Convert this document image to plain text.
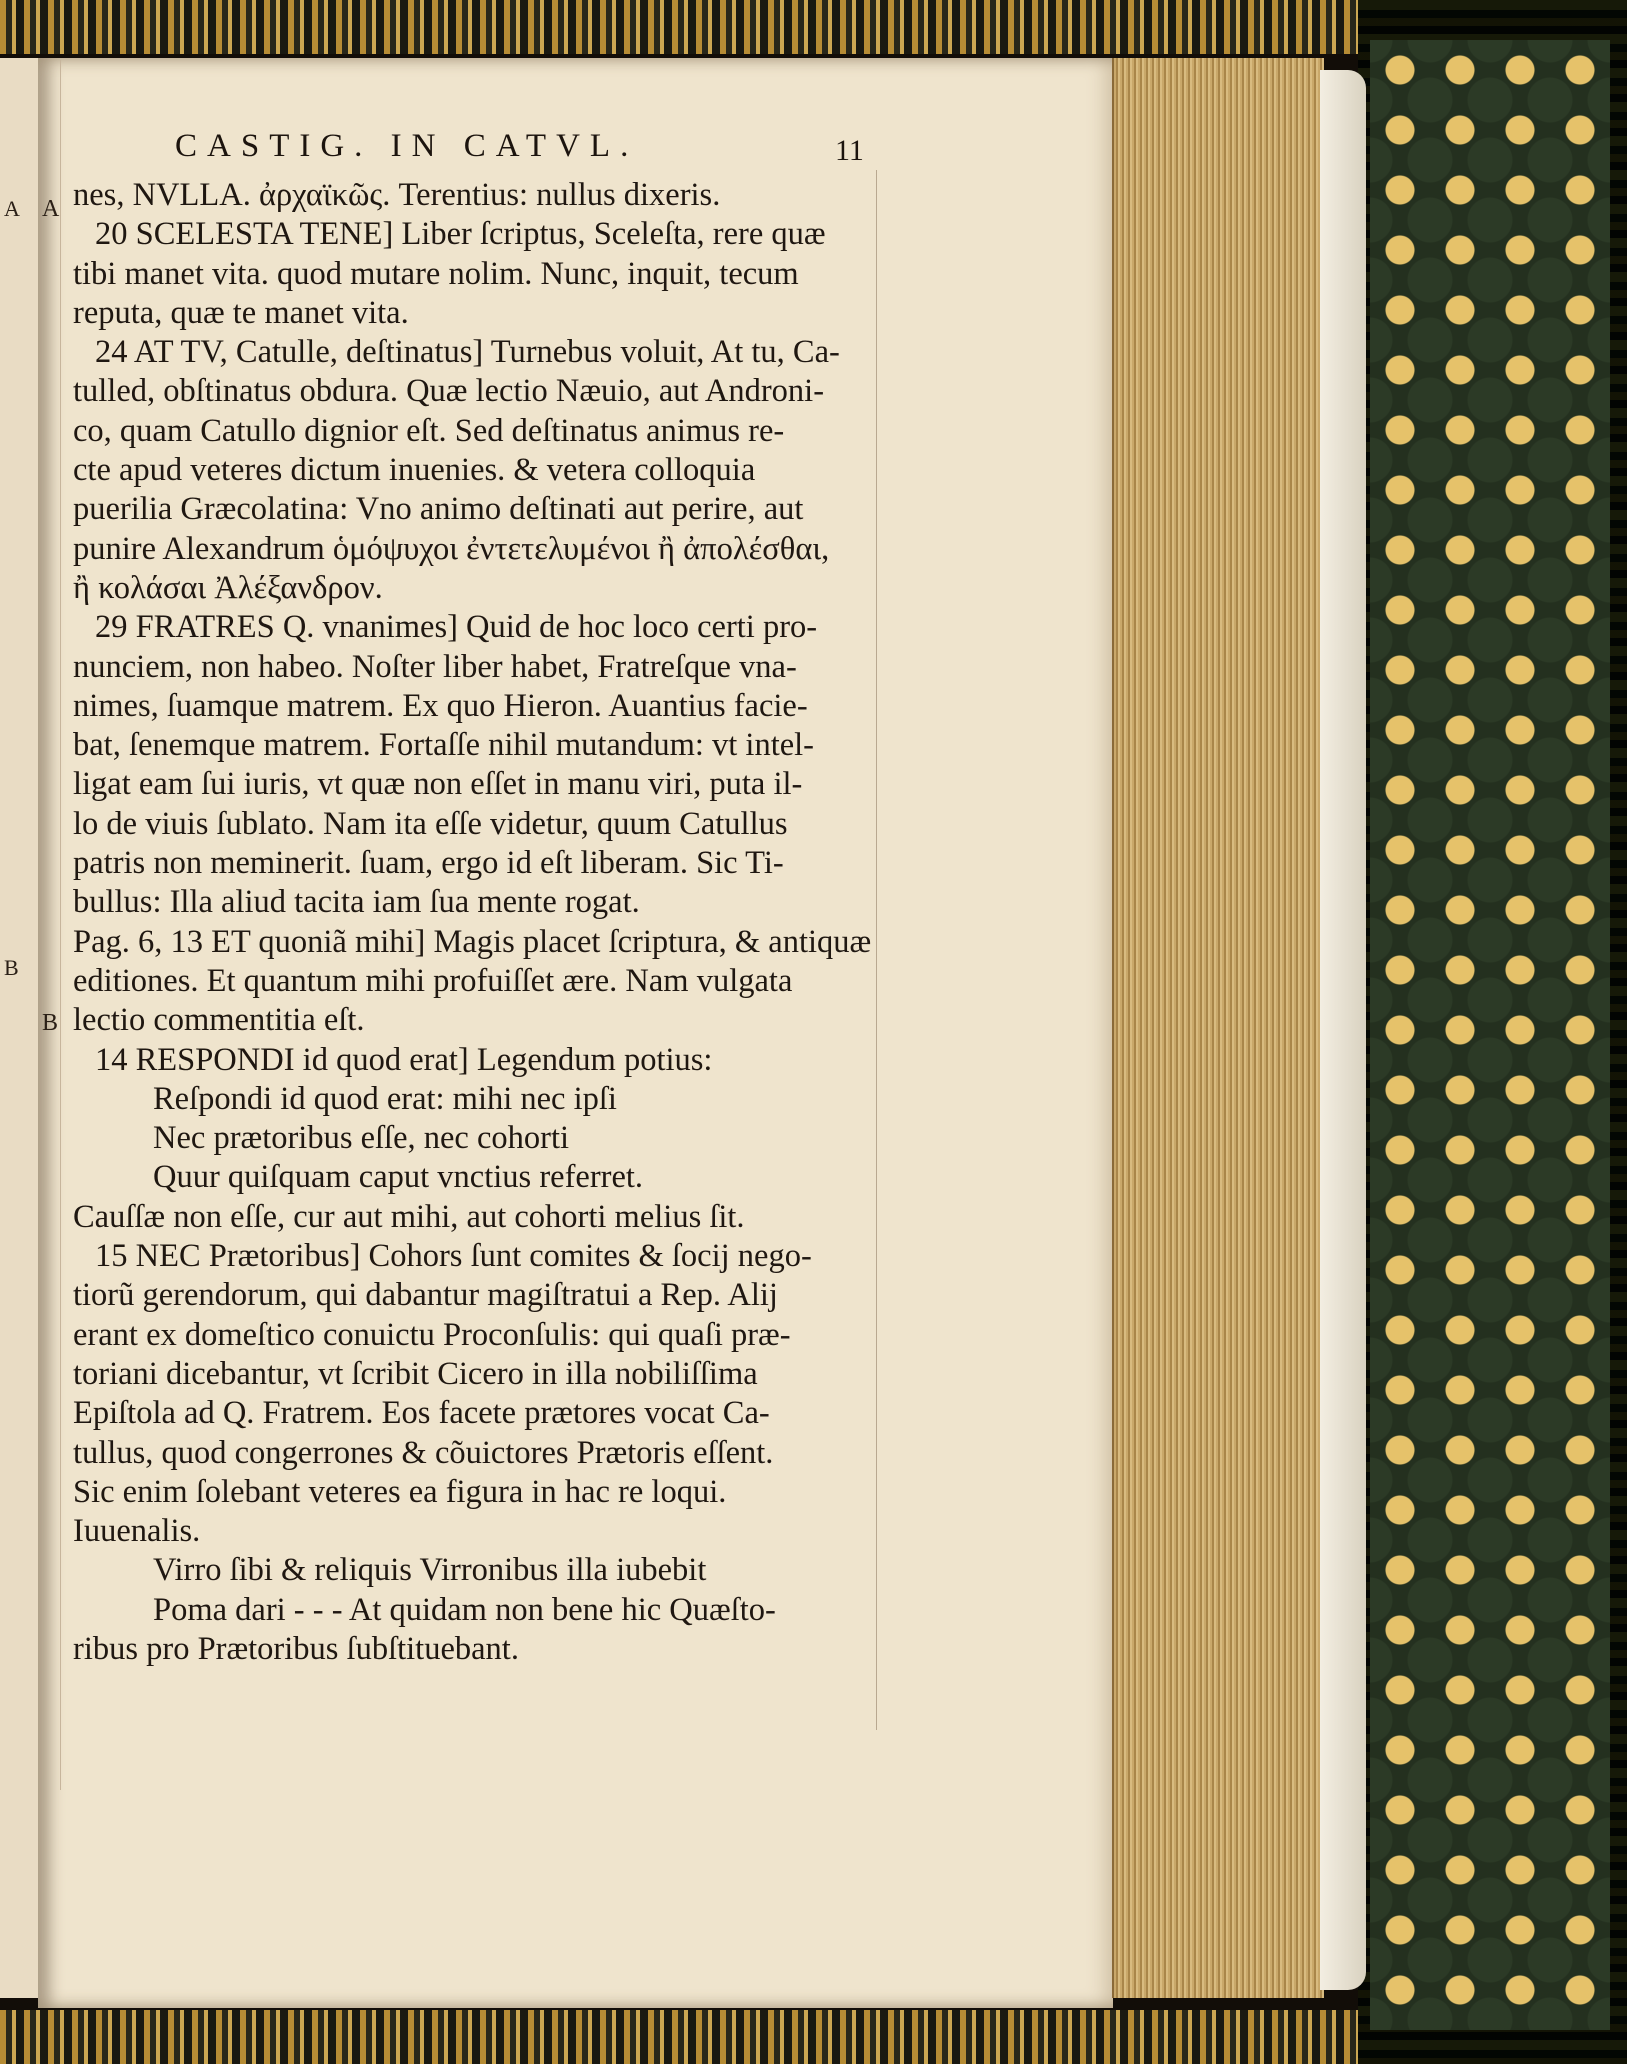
A
B
CASTIG. IN CATVL.	11
A
B
nes, NVLLA. ἀρχαϊκῶς. Terentius: nullus dixeris.
20 SCELESTA TENE] Liber ſcriptus, Sceleſta, rere quæ
tibi manet vita. quod mutare nolim. Nunc, inquit, tecum
reputa, quæ te manet vita.
24 AT TV, Catulle, deſtinatus] Turnebus voluit, At tu, Ca-
tulled, obſtinatus obdura. Quæ lectio Næuio, aut Androni-
co, quam Catullo dignior eſt. Sed deſtinatus animus re-
cte apud veteres dictum inuenies. & vetera colloquia
puerilia Græcolatina: Vno animo deſtinati aut perire, aut
punire Alexandrum ὁμόψυχοι ἐντετελυμένοι ἢ ἀπολέσθαι,
ἢ κολάσαι Ἀλέξανδρον.
29 FRATRES Q. vnanimes] Quid de hoc loco certi pro-
nunciem, non habeo. Noſter liber habet, Fratreſque vna-
nimes, ſuamque matrem. Ex quo Hieron. Auantius facie-
bat, ſenemque matrem. Fortaſſe nihil mutandum: vt intel-
ligat eam ſui iuris, vt quæ non eſſet in manu viri, puta il-
lo de viuis ſublato. Nam ita eſſe videtur, quum Catullus
patris non meminerit. ſuam, ergo id eſt liberam. Sic Ti-
bullus: Illa aliud tacita iam ſua mente rogat.
Pag. 6, 13 ET quoniã mihi] Magis placet ſcriptura, & antiquæ
editiones. Et quantum mihi profuiſſet ære. Nam vulgata
lectio commentitia eſt.
14 RESPONDI id quod erat] Legendum potius:
Reſpondi id quod erat: mihi nec ipſi
Nec prætoribus eſſe, nec cohorti
Quur quiſquam caput vnctius referret.
Cauſſæ non eſſe, cur aut mihi, aut cohorti melius ſit.
15 NEC Prætoribus] Cohors ſunt comites & ſocij nego-
tiorũ gerendorum, qui dabantur magiſtratui a Rep. Alij
erant ex domeſtico conuictu Proconſulis: qui quaſi præ-
toriani dicebantur, vt ſcribit Cicero in illa nobiliſſima
Epiſtola ad Q. Fratrem. Eos facete prætores vocat Ca-
tullus, quod congerrones & cõuictores Prætoris eſſent.
Sic enim ſolebant veteres ea figura in hac re loqui.
Iuuenalis.
Virro ſibi & reliquis Virronibus illa iubebit
Poma dari - - - At quidam non bene hic Quæſto-
ribus pro Prætoribus ſubſtituebant.
